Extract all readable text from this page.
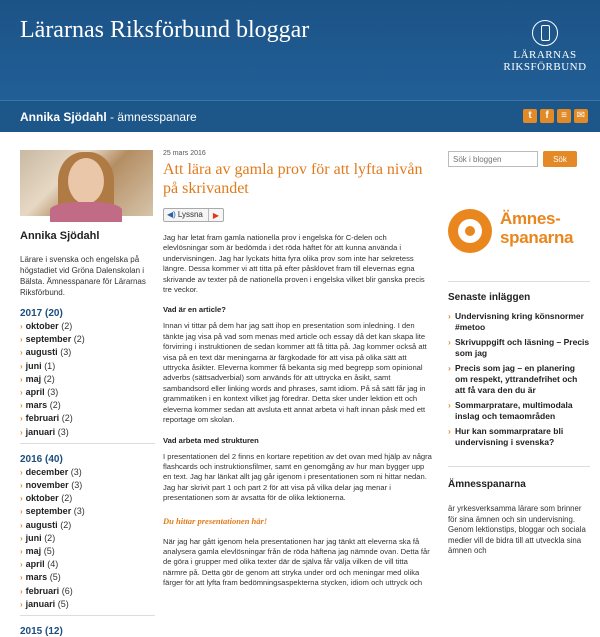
Lärarnas Riksförbund bloggar
LÄRARNAS
RIKSFÖRBUND
Annika Sjödahl - ämnesspanare	t	f	≡ ✉
Annika Sjödahl
Lärare i svenska och engelska på högstadiet vid Gröna Dalenskolan i Bälsta. Ämnesspanare för Lärarnas Riksförbund.
2017 (20)
› oktober (2)
› september (2)
› augusti (3)
› juni (1)
› maj (2)
› april (3)
› mars (2)
› februari (2)
› januari (3)
2016 (40)
› december (3)
› november (3)
› oktober (2)
› september (3)
› augusti (2)
› juni (2)
› maj (5)
› april (4)
› mars (5)
› februari (6)
› januari (5)
2015 (12)
25 mars 2016
Att lära av gamla prov för att lyfta nivån på skrivandet
◀) Lyssna	▶
Jag har letat fram gamla nationella prov i engelska för C-delen och elevlösningar som är bedömda i det röda häftet för att kunna använda i undervisningen. Jag har lyckats hitta fyra olika prov som inte har sekretess längre. Dessa kommer vi att titta på efter påsklovet fram till elevernas egna skrivande av texter på de nationella proven i engelska vilket blir ganska precis tre veckor.
Vad är en article?
Innan vi tittar på dem har jag satt ihop en presentation som inledning. I den tänkte jag visa på vad som menas med article och essay då det kan skapa lite förvirring i instruktionen de sedan kommer att få titta på. Jag kommer också att visa på en text där meningarna är färgkodade för att visa på olika sätt att uttrycka åsikter. Eleverna kommer få bekanta sig med begrepp som opinional adverbs (sättsadverbial) som används för att uttrycka en åsikt, samt sambandsord eller linking words and phrases, samt idiom. På så sätt får jag in grammatiken i en kontext vilket jag föredrar. Detta sker under lektion ett och eleverna kommer sedan att avsluta ett annat arbeta vi haft innan påsk med ett reportage om skolan.
Vad arbeta med strukturen
I presentationen del 2 finns en kortare repetition av det ovan med hjälp av några flashcards och instruktionsfilmer, samt en genomgång av hur man bygger upp en text. Jag har länkat allt jag går igenom i presentationen som ni hittar nedan. Jag har skrivit part 1 och part 2 för att visa på vilka delar jag menar i presentationen som är avsatta för de olika lektionerna.
Du hittar presentationen här!
När jag har gått igenom hela presentationen har jag tänkt att eleverna ska få analysera gamla elevlösningar från de röda häftena jag nämnde ovan. Detta får de göra i grupper med olika texter där de själva får välja vilken de vill titta närmre på. Detta gör de genom att stryka under ord och meningar med olika färger för att lyfta fram bedömningsaspekterna stycken, idiom och uttryck och
Sök i bloggen
Sök
Ämnes-
spanarna
Senaste inläggen
› Undervisning kring könsnormer #metoo
› Skrivuppgift och läsning – Precis som jag
› Precis som jag – en planering om respekt, yttrandefrihet och att få vara den du är
› Sommarpratare, multimodala inslag och temaområden
› Hur kan sommarpratare bli undervisning i svenska?
Ämnesspanarna
är yrkesverksamma lärare som brinner för sina ämnen och sin undervisning. Genom lektionstips, bloggar och sociala medier vill de bidra till att utveckla sina ämnen och
